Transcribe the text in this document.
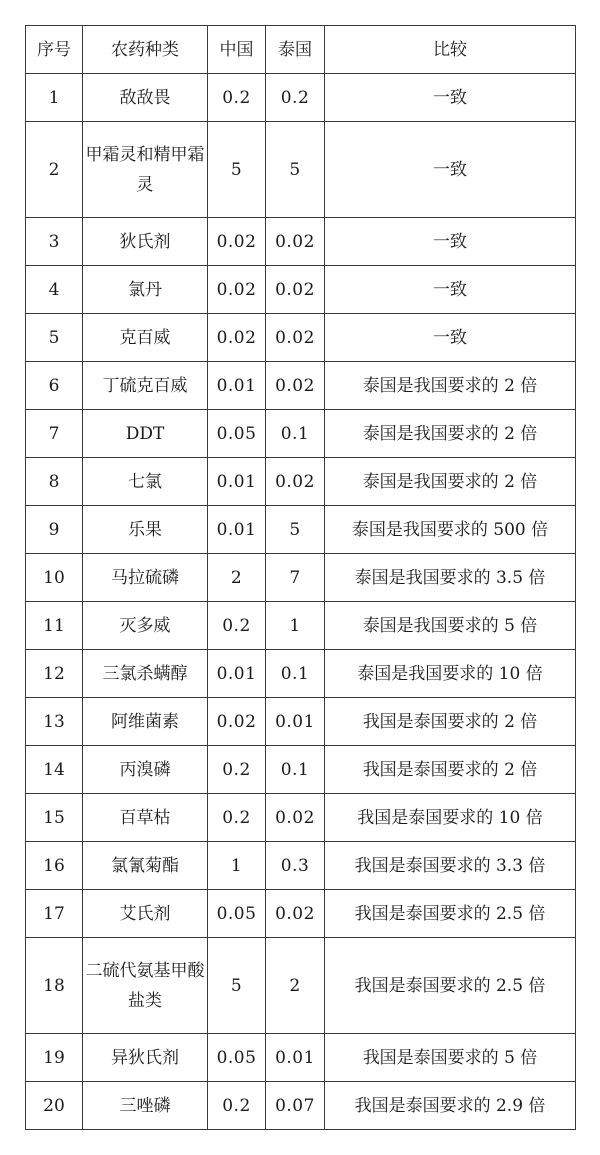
序号	农药种类	中国	泰国	比较
1	敌敌畏	0.2	0.2	一致
2	甲霜灵和精甲霜灵	5	5	一致
3	狄氏剂	0.02	0.02	一致
4	氯丹	0.02	0.02	一致
5	克百威	0.02	0.02	一致
6	丁硫克百威	0.01	0.02	泰国是我国要求的 2 倍
7	DDT	0.05	0.1	泰国是我国要求的 2 倍
8	七氯	0.01	0.02	泰国是我国要求的 2 倍
9	乐果	0.01	5	泰国是我国要求的 500 倍
10	马拉硫磷	2	7	泰国是我国要求的 3.5 倍
11	灭多威	0.2	1	泰国是我国要求的 5 倍
12	三氯杀螨醇	0.01	0.1	泰国是我国要求的 10 倍
13	阿维菌素	0.02	0.01	我国是泰国要求的 2 倍
14	丙溴磷	0.2	0.1	我国是泰国要求的 2 倍
15	百草枯	0.2	0.02	我国是泰国要求的 10 倍
16	氯氰菊酯	1	0.3	我国是泰国要求的 3.3 倍
17	艾氏剂	0.05	0.02	我国是泰国要求的 2.5 倍
18	二硫代氨基甲酸盐类	5	2	我国是泰国要求的 2.5 倍
19	异狄氏剂	0.05	0.01	我国是泰国要求的 5 倍
20	三唑磷	0.2	0.07	我国是泰国要求的 2.9 倍
